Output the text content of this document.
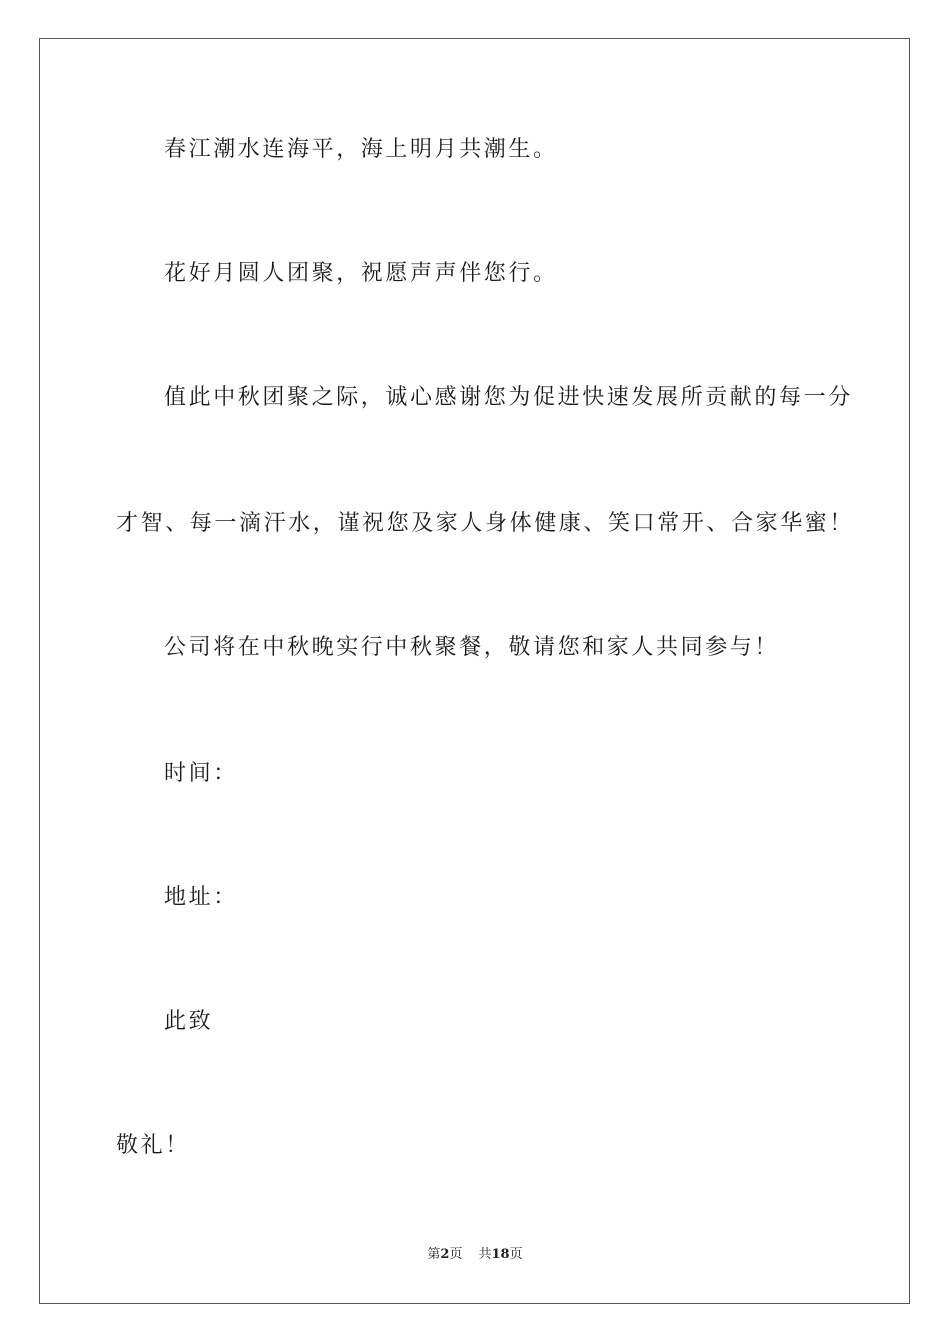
春江潮水连海平，海上明月共潮生。
花好月圆人团聚，祝愿声声伴您行。
值此中秋团聚之际，诚心感谢您为促进快速发展所贡献的每一分
才智、每一滴汗水，谨祝您及家人身体健康、笑口常开、合家华蜜！
公司将在中秋晚实行中秋聚餐，敬请您和家人共同参与！
时间：
地址：
此致
敬礼！
第2页 共18页
